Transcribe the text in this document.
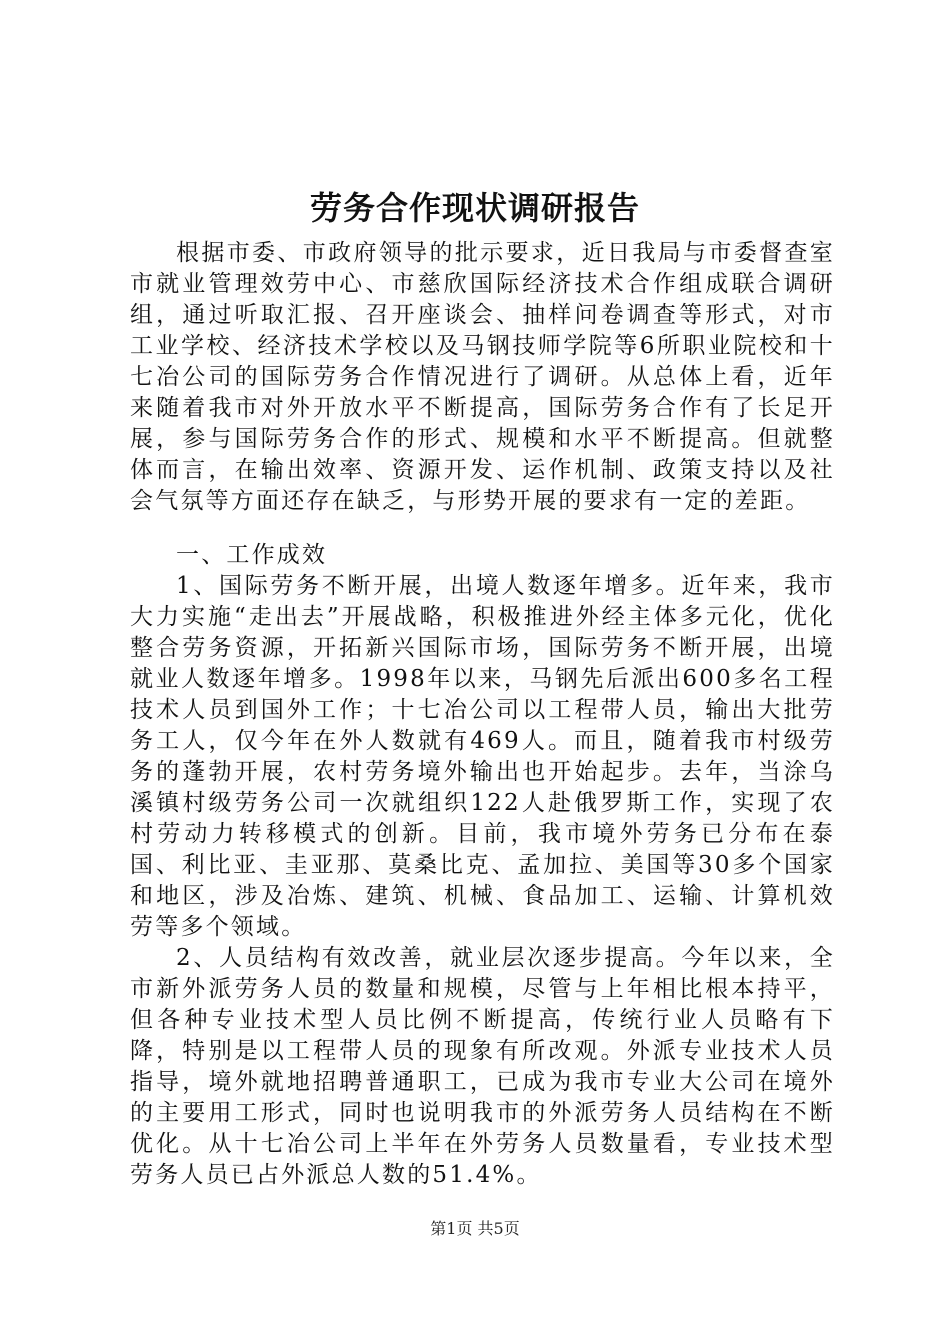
劳务合作现状调研报告

根据市委、市政府领导的批示要求，近日我局与市委督查室市就业管理效劳中心、市慈欣国际经济技术合作组成联合调研组，通过听取汇报、召开座谈会、抽样问卷调查等形式，对市工业学校、经济技术学校以及马钢技师学院等6所职业院校和十七冶公司的国际劳务合作情况进行了调研。从总体上看，近年来随着我市对外开放水平不断提高，国际劳务合作有了长足开展，参与国际劳务合作的形式、规模和水平不断提高。但就整体而言，在输出效率、资源开发、运作机制、政策支持以及社会气氛等方面还存在缺乏，与形势开展的要求有一定的差距。

一、工作成效

1、国际劳务不断开展，出境人数逐年增多。近年来，我市大力实施“走出去”开展战略，积极推进外经主体多元化，优化整合劳务资源，开拓新兴国际市场，国际劳务不断开展，出境就业人数逐年增多。1998年以来，马钢先后派出600多名工程技术人员到国外工作；十七冶公司以工程带人员，输出大批劳务工人，仅今年在外人数就有469人。而且，随着我市村级劳务的蓬勃开展，农村劳务境外输出也开始起步。去年，当涂乌溪镇村级劳务公司一次就组织122人赴俄罗斯工作，实现了农村劳动力转移模式的创新。目前，我市境外劳务已分布在泰国、利比亚、圭亚那、莫桑比克、孟加拉、美国等30多个国家和地区，涉及冶炼、建筑、机械、食品加工、运输、计算机效劳等多个领域。

2、人员结构有效改善，就业层次逐步提高。今年以来，全市新外派劳务人员的数量和规模，尽管与上年相比根本持平，但各种专业技术型人员比例不断提高，传统行业人员略有下降，特别是以工程带人员的现象有所改观。外派专业技术人员指导，境外就地招聘普通职工，已成为我市专业大公司在境外的主要用工形式，同时也说明我市的外派劳务人员结构在不断优化。从十七冶公司上半年在外劳务人员数量看，专业技术型劳务人员已占外派总人数的51.4%。

第1页 共5页
